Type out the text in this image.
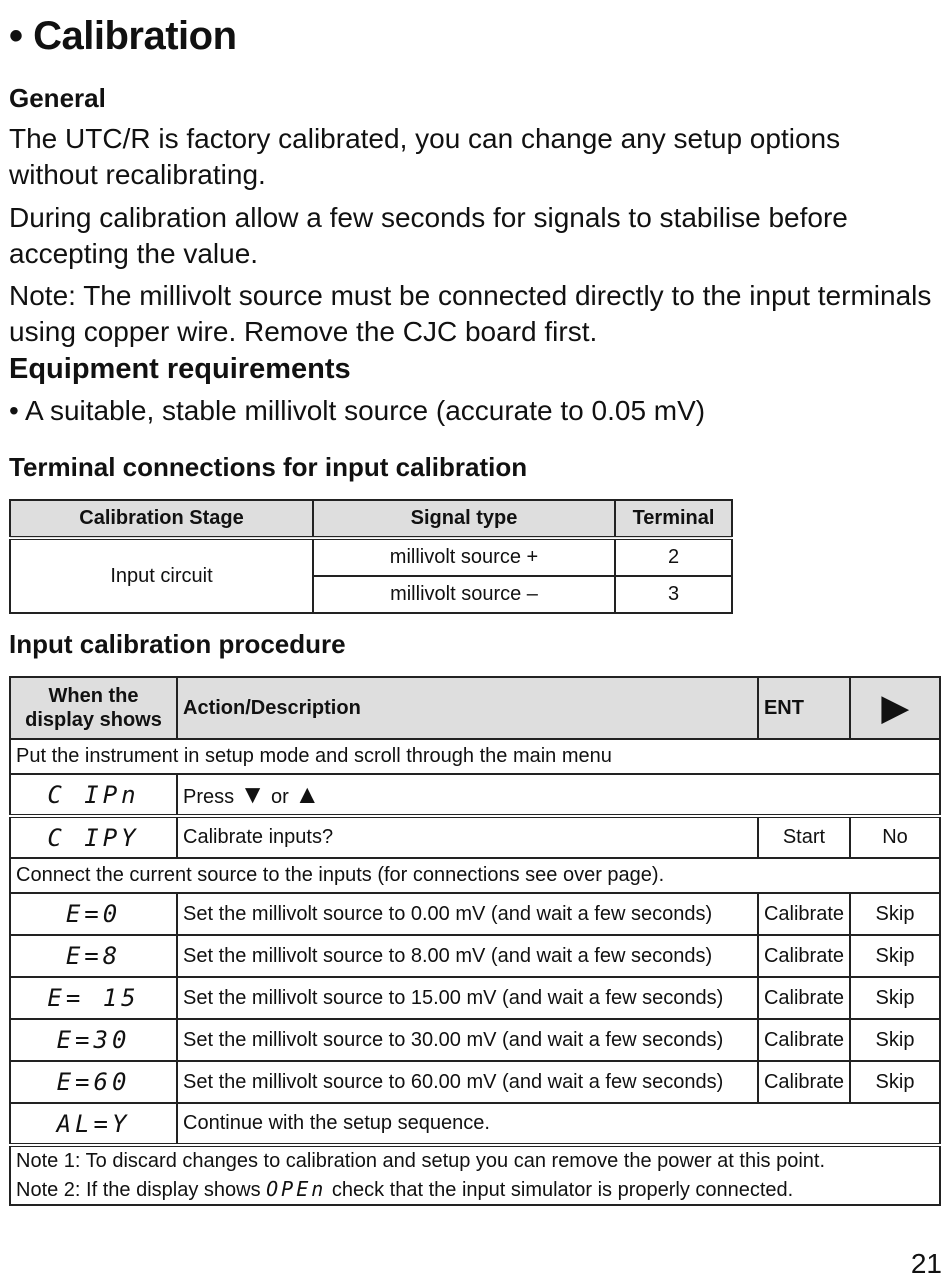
• Calibration
General
The UTC/R is factory calibrated, you can change any setup options without recalibrating.
During calibration allow a few seconds for signals to stabilise before accepting the value.
Note: The millivolt source must be connected directly to the input terminals using copper wire. Remove the CJC board first.
Equipment requirements
• A suitable, stable millivolt source (accurate to 0.05 mV)
Terminal connections for input calibration
Calibration Stage	Signal type	Terminal
Input circuit	millivolt source +	2
	millivolt source –	3
Input calibration procedure
When the display shows	Action/Description	ENT	▶
Put the instrument in setup mode and scroll through the main menu			
C IPn	Press ▼ or ▲		
C IPY	Calibrate inputs?	Start	No
Connect the current source to the inputs (for connections see over page).			
E=0	Set the millivolt source to 0.00 mV (and wait a few seconds)	Calibrate	Skip
E=8	Set the millivolt source to 8.00 mV (and wait a few seconds)	Calibrate	Skip
E= 15	Set the millivolt source to 15.00 mV (and wait a few seconds)	Calibrate	Skip
E=30	Set the millivolt source to 30.00 mV (and wait a few seconds)	Calibrate	Skip
E=60	Set the millivolt source to 60.00 mV (and wait a few seconds)	Calibrate	Skip
AL=Y	Continue with the setup sequence.		

Note 1: To discard changes to calibration and setup you can remove the power at this point.
Note 2: If the display shows OPEn check that the input simulator is properly connected.			
21
